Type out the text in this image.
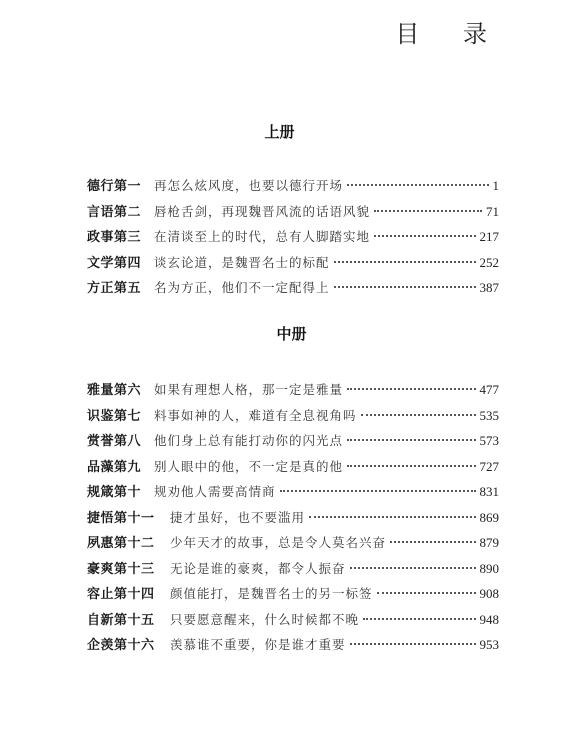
目 录
上册
德行第一	再怎么炫风度，也要以德行开场	1
言语第二	唇枪舌剑，再现魏晋风流的话语风貌	71
政事第三	在清谈至上的时代，总有人脚踏实地	217
文学第四	谈玄论道，是魏晋名士的标配	252
方正第五	名为方正，他们不一定配得上	387
中册
雅量第六	如果有理想人格，那一定是雅量	477
识鉴第七	料事如神的人，难道有全息视角吗	535
赏誉第八	他们身上总有能打动你的闪光点	573
品藻第九	别人眼中的他，不一定是真的他	727
规箴第十	规劝他人需要高情商	831
捷悟第十一	捷才虽好，也不要滥用	869
夙惠第十二	少年天才的故事，总是令人莫名兴奋	879
豪爽第十三	无论是谁的豪爽，都令人振奋	890
容止第十四	颜值能打，是魏晋名士的另一标签	908
自新第十五	只要愿意醒来，什么时候都不晚	948
企羡第十六	羡慕谁不重要，你是谁才重要	953
